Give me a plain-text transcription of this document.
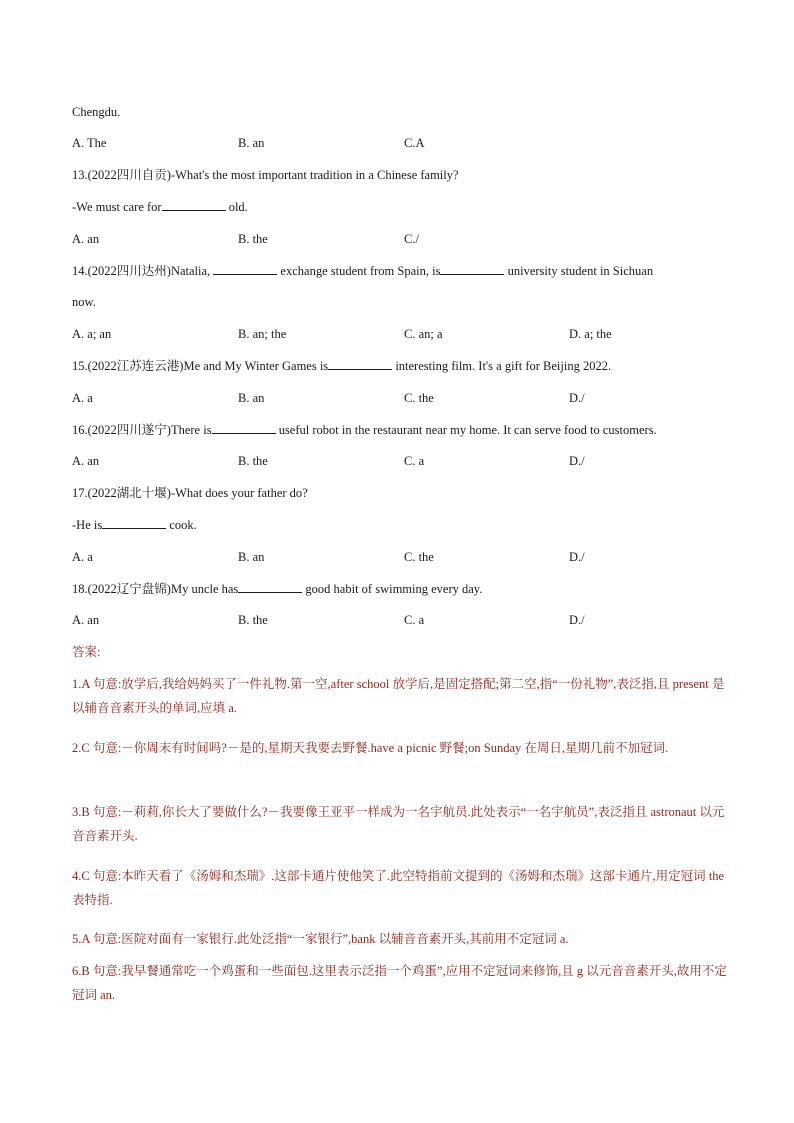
Chengdu.
A. The	B. an	C.A
13.(2022四川自贡)-What's the most important tradition in a Chinese family?
-We must care for	old.
A. an	B. the	C./
14.(2022四川达州)Natalia,	exchange student from Spain, is	university student in Sichuan
now.
A. a; an	B. an; the	C. an; a	D. a; the
15.(2022江苏连云港)Me and My Winter Games is	interesting film. It's a gift for Beijing 2022.
A. a	B. an	C. the	D./
16.(2022四川遂宁)There is	useful robot in the restaurant near my home. It can serve food to customers.
A. an	B. the	C. a	D./
17.(2022湖北十堰)-What does your father do?
-He is	cook.
A. a	B. an	C. the	D./
18.(2022辽宁盘锦)My uncle has	good habit of swimming every day.
A. an	B. the	C. a	D./
答案:
1.A 句意:放学后,我给妈妈买了一件礼物.第一空,after school 放学后,是固定搭配;第二空,指“一份礼物”,表泛指,且 present 是以辅音音素开头的单词,应填 a.
2.C 句意:－你周末有时间吗?－是的,星期天我要去野餐.have a picnic 野餐;on Sunday 在周日,星期几前不加冠词.
3.B 句意:－莉莉,你长大了要做什么?－我要像王亚平一样成为一名宇航员.此处表示“一名宇航员”,表泛指且 astronaut 以元音音素开头.
4.C 句意:本昨天看了《汤姆和杰瑞》.这部卡通片使他笑了.此空特指前文提到的《汤姆和杰瑞》这部卡通片,用定冠词 the 表特指.
5.A 句意:医院对面有一家银行.此处泛指“一家银行”,bank 以辅音音素开头,其前用不定冠词 a.
6.B 句意:我早餐通常吃一个鸡蛋和一些面包.这里表示泛指一个鸡蛋”,应用不定冠词来修饰,且 g 以元音音素开头,故用不定冠词 an.
